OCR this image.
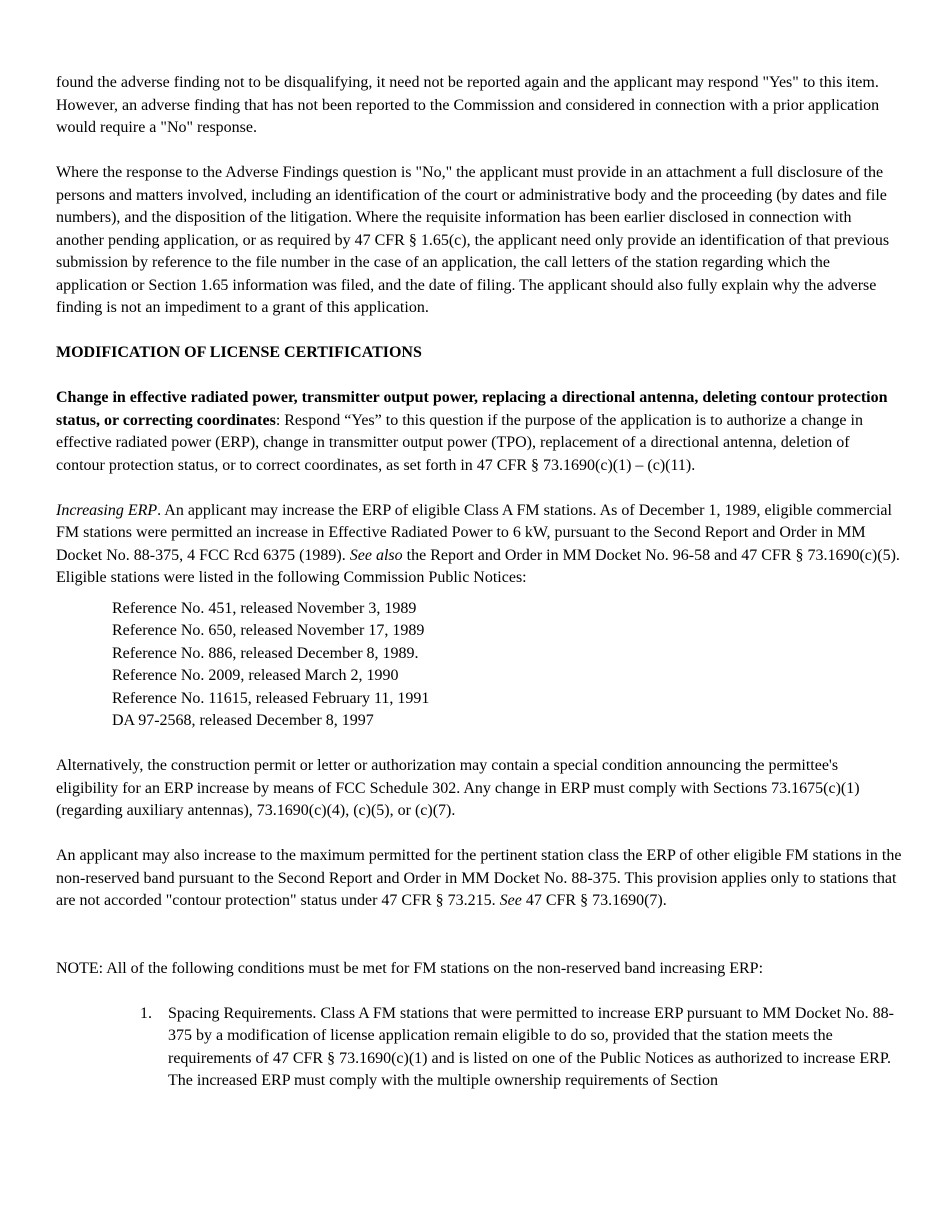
found the adverse finding not to be disqualifying, it need not be reported again and the applicant may respond "Yes" to this item. However, an adverse finding that has not been reported to the Commission and considered in connection with a prior application would require a "No" response.

Where the response to the Adverse Findings question is "No," the applicant must provide in an attachment a full disclosure of the persons and matters involved, including an identification of the court or administrative body and the proceeding (by dates and file numbers), and the disposition of the litigation. Where the requisite information has been earlier disclosed in connection with another pending application, or as required by 47 CFR § 1.65(c), the applicant need only provide an identification of that previous submission by reference to the file number in the case of an application, the call letters of the station regarding which the application or Section 1.65 information was filed, and the date of filing. The applicant should also fully explain why the adverse finding is not an impediment to a grant of this application.

MODIFICATION OF LICENSE CERTIFICATIONS

Change in effective radiated power, transmitter output power, replacing a directional antenna, deleting contour protection status, or correcting coordinates: Respond “Yes” to this question if the purpose of the application is to authorize a change in effective radiated power (ERP), change in transmitter output power (TPO), replacement of a directional antenna, deletion of contour protection status, or to correct coordinates, as set forth in 47 CFR § 73.1690(c)(1) – (c)(11).

Increasing ERP. An applicant may increase the ERP of eligible Class A FM stations. As of December 1, 1989, eligible commercial FM stations were permitted an increase in Effective Radiated Power to 6 kW, pursuant to the Second Report and Order in MM Docket No. 88-375, 4 FCC Rcd 6375 (1989). See also the Report and Order in MM Docket No. 96-58 and 47 CFR § 73.1690(c)(5). Eligible stations were listed in the following Commission Public Notices:

Reference No. 451, released November 3, 1989
Reference No. 650, released November 17, 1989
Reference No. 886, released December 8, 1989.
Reference No. 2009, released March 2, 1990
Reference No. 11615, released February 11, 1991
DA 97-2568, released December 8, 1997

Alternatively, the construction permit or letter or authorization may contain a special condition announcing the permittee's eligibility for an ERP increase by means of FCC Schedule 302. Any change in ERP must comply with Sections 73.1675(c)(1) (regarding auxiliary antennas), 73.1690(c)(4), (c)(5), or (c)(7).

An applicant may also increase to the maximum permitted for the pertinent station class the ERP of other eligible FM stations in the non-reserved band pursuant to the Second Report and Order in MM Docket No. 88-375. This provision applies only to stations that are not accorded "contour protection" status under 47 CFR § 73.215. See 47 CFR § 73.1690(7).

NOTE: All of the following conditions must be met for FM stations on the non-reserved band increasing ERP:

1. Spacing Requirements. Class A FM stations that were permitted to increase ERP pursuant to MM Docket No. 88-375 by a modification of license application remain eligible to do so, provided that the station meets the requirements of 47 CFR § 73.1690(c)(1) and is listed on one of the Public Notices as authorized to increase ERP. The increased ERP must comply with the multiple ownership requirements of Section
